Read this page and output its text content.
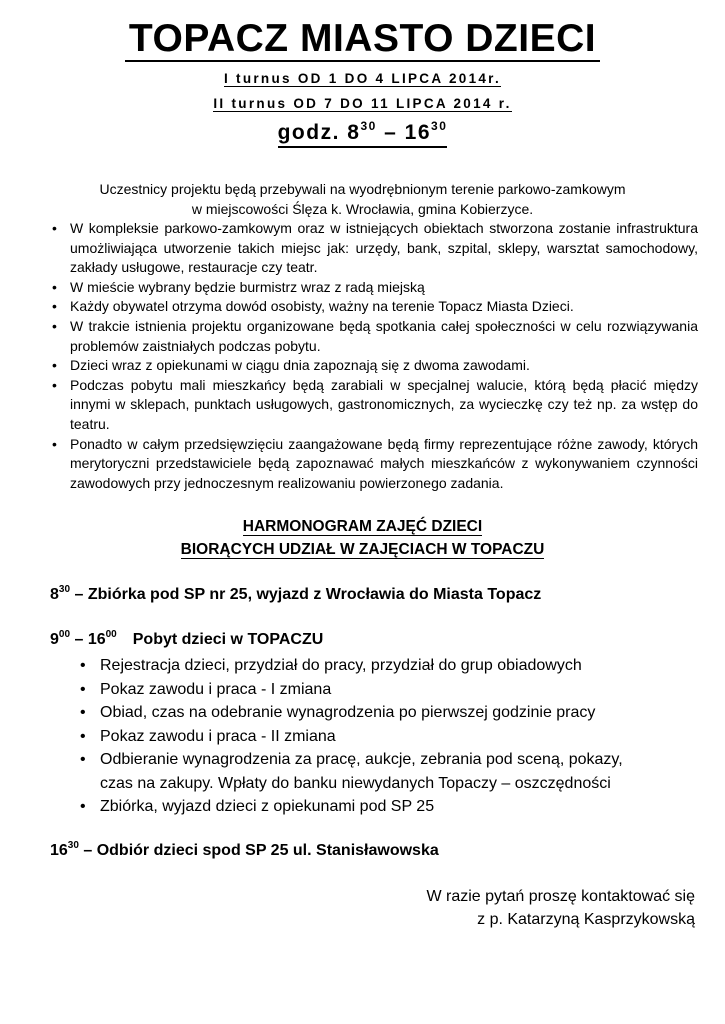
TOPACZ MIASTO DZIECI
I turnus OD 1 DO 4 LIPCA 2014r.
II turnus OD 7 DO 11 LIPCA 2014 r.
godz. $8^{30} - 16^{30}$
Uczestnicy projektu będą przebywali na wyodrębnionym terenie parkowo-zamkowym
w miejscowości Ślęza k. Wrocławia, gmina Kobierzyce.
• W kompleksie parkowo-zamkowym oraz w istniejących obiektach stworzona zostanie infrastruktura umożliwiająca utworzenie takich miejsc jak: urzędy, bank, szpital, sklepy, warsztat samochodowy, zakłady usługowe, restauracje czy teatr.
• W mieście wybrany będzie burmistrz wraz z radą miejską
• Każdy obywatel otrzyma dowód osobisty, ważny na terenie Topacz Miasta Dzieci.
• W trakcie istnienia projektu organizowane będą spotkania całej społeczności w celu rozwiązywania problemów zaistniałych podczas pobytu.
• Dzieci wraz z opiekunami w ciągu dnia zapoznają się z dwoma zawodami.
• Podczas pobytu mali mieszkańcy będą zarabiali w specjalnej walucie, którą będą płacić między innymi w sklepach, punktach usługowych, gastronomicznych, za wycieczkę czy też np. za wstęp do teatru.
• Ponadto w całym przedsięwzięciu zaangażowane będą firmy reprezentujące różne zawody, których merytoryczni przedstawiciele będą zapoznawać małych mieszkańców z wykonywaniem czynności zawodowych przy jednoczesnym realizowaniu powierzonego zadania.
HARMONOGRAM ZAJĘĆ DZIECI
BIORĄCYCH UDZIAŁ W ZAJĘCIACH W TOPACZU
$8^{30}$ – Zbiórka pod SP nr 25, wyjazd z Wrocławia do Miasta Topacz
$9^{00} - 16^{00}$ Pobyt dzieci w TOPACZU
• Rejestracja dzieci, przydział do pracy, przydział do grup obiadowych
• Pokaz zawodu i praca - I zmiana
• Obiad, czas na odebranie wynagrodzenia po pierwszej godzinie pracy
• Pokaz zawodu i praca - II zmiana
• Odbieranie wynagrodzenia za pracę, aukcje, zebrania pod sceną, pokazy, czas na zakupy. Wpłaty do banku niewydanych Topaczy – oszczędności
• Zbiórka, wyjazd dzieci z opiekunami pod SP 25
$16^{30}$ – Odbiór dzieci spod SP 25 ul. Stanisławowska
W razie pytań proszę kontaktować się
z p. Katarzyną Kasprzykowską
